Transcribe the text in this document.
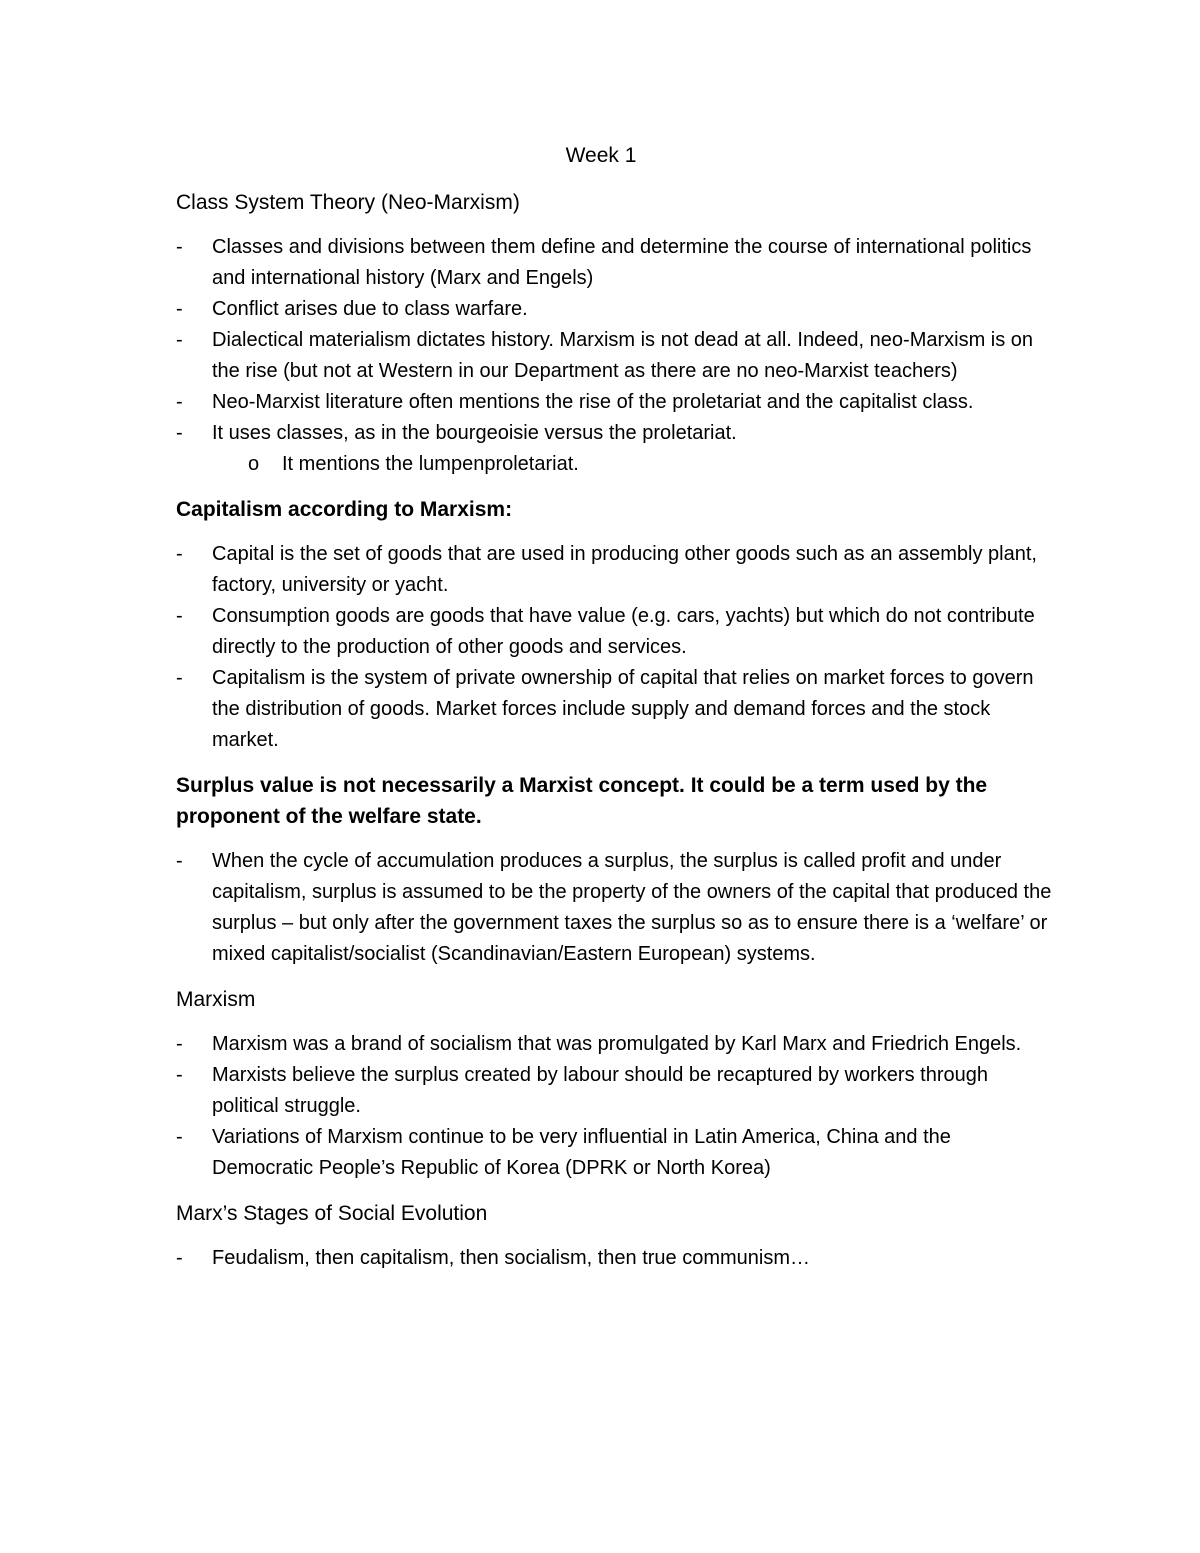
Week 1
Class System Theory (Neo-Marxism)
- Classes and divisions between them define and determine the course of international politics and international history (Marx and Engels)
- Conflict arises due to class warfare.
- Dialectical materialism dictates history. Marxism is not dead at all. Indeed, neo-Marxism is on the rise (but not at Western in our Department as there are no neo-Marxist teachers)
- Neo-Marxist literature often mentions the rise of the proletariat and the capitalist class.
- It uses classes, as in the bourgeoisie versus the proletariat.
o It mentions the lumpenproletariat.
Capitalism according to Marxism:
- Capital is the set of goods that are used in producing other goods such as an assembly plant, factory, university or yacht.
- Consumption goods are goods that have value (e.g. cars, yachts) but which do not contribute directly to the production of other goods and services.
- Capitalism is the system of private ownership of capital that relies on market forces to govern the distribution of goods. Market forces include supply and demand forces and the stock market.
Surplus value is not necessarily a Marxist concept. It could be a term used by the proponent of the welfare state.
- When the cycle of accumulation produces a surplus, the surplus is called profit and under capitalism, surplus is assumed to be the property of the owners of the capital that produced the surplus – but only after the government taxes the surplus so as to ensure there is a ‘welfare’ or mixed capitalist/socialist (Scandinavian/Eastern European) systems.
Marxism
- Marxism was a brand of socialism that was promulgated by Karl Marx and Friedrich Engels.
- Marxists believe the surplus created by labour should be recaptured by workers through political struggle.
- Variations of Marxism continue to be very influential in Latin America, China and the Democratic People’s Republic of Korea (DPRK or North Korea)
Marx’s Stages of Social Evolution
- Feudalism, then capitalism, then socialism, then true communism…
